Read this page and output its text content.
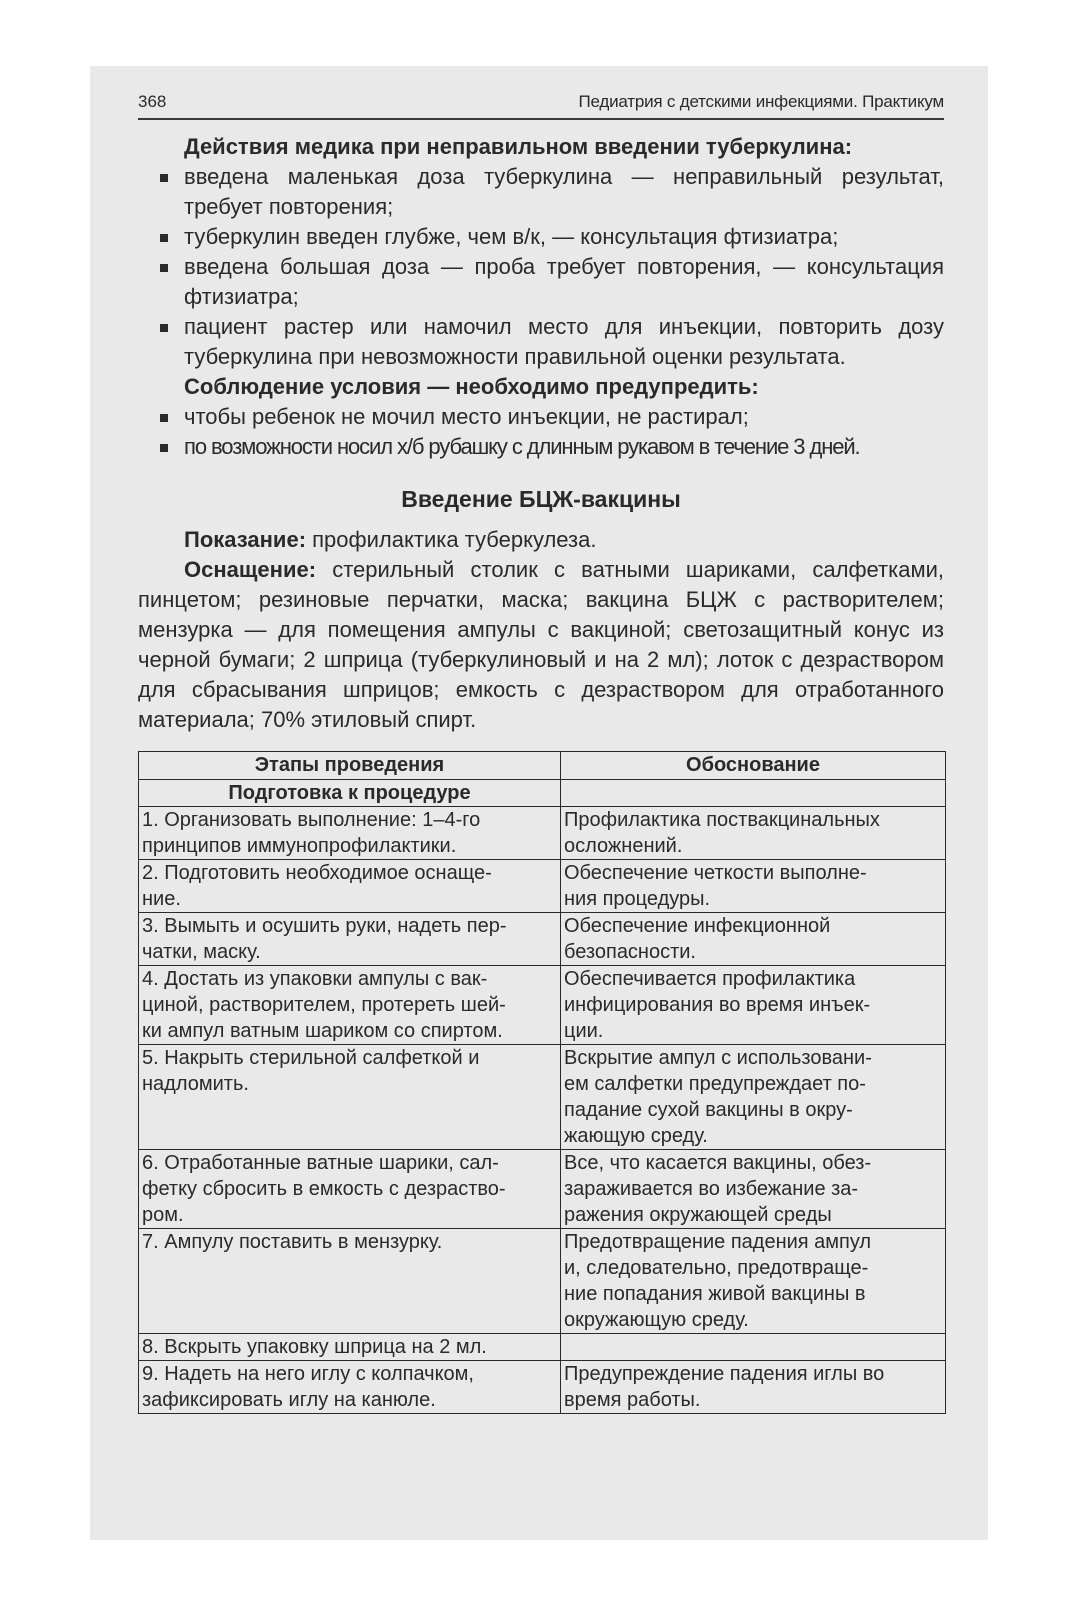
368	Педиатрия с детскими инфекциями. Практикум
Действия медика при неправильном введении туберкулина:
введена маленькая доза туберкулина — неправильный результат, требует повторения;
туберкулин введен глубже, чем в/к, — консультация фтизиатра;
введена большая доза — проба требует повторения, — консультация фтизиатра;
пациент растер или намочил место для инъекции, повторить дозу туберкулина при невозможности правильной оценки результата.
Соблюдение условия — необходимо предупредить:
чтобы ребенок не мочил место инъекции, не растирал;
по возможности носил х/б рубашку с длинным рукавом в течение 3 дней.
Введение БЦЖ-вакцины

Показание: профилактика туберкулеза.

Оснащение: стерильный столик с ватными шариками, салфетками, пинцетом; резиновые перчатки, маска; вакцина БЦЖ с растворителем; мензурка — для помещения ампулы с вакциной; светозащитный конус из черной бумаги; 2 шприца (туберкулиновый и на 2 мл); лоток с дезраствором для сбрасывания шприцов; емкость с дезраствором для отработанного материала; 70% этиловый спирт.

Этапы проведения	Обоснование
Подготовка к процедуре	

1. Организовать выполнение: 1–4-го
принципов иммунопрофилактики.	Профилактика поствакцинальных
осложнений.

2. Подготовить необходимое оснаще-
ние.	Обеспечение четкости выполне-
ния процедуры.

3. Вымыть и осушить руки, надеть пер-
чатки, маску.	Обеспечение инфекционной
безопасности.

4. Достать из упаковки ампулы с вак-
циной, растворителем, протереть шей-
ки ампул ватным шариком со спиртом.	Обеспечивается профилактика
инфицирования во время инъек-
ции.

5. Накрыть стерильной салфеткой и
надломить.	Вскрытие ампул с использовани-
ем салфетки предупреждает по-
падание сухой вакцины в окру-
жающую среду.

6. Отработанные ватные шарики, сал-
фетку сбросить в емкость с дезраство-
ром.	Все, что касается вакцины, обез-
зараживается во избежание за-
ражения окружающей среды

7. Ампулу поставить в мензурку.	Предотвращение падения ампул
и, следовательно, предотвраще-
ние попадания живой вакцины в
окружающую среду.

8. Вскрыть упаковку шприца на 2 мл.	

9. Надеть на него иглу с колпачком,
зафиксировать иглу на канюле.	Предупреждение падения иглы во
время работы.
